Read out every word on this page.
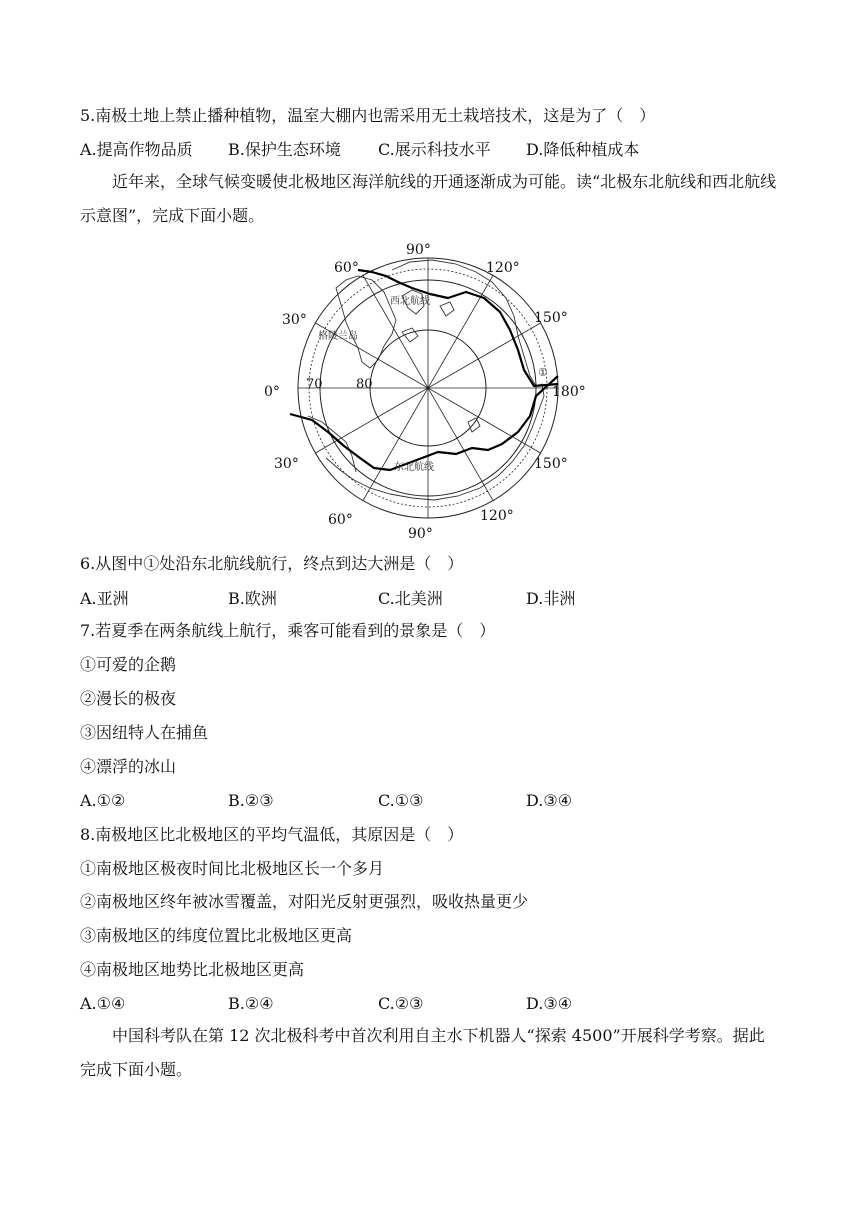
5.南极土地上禁止播种植物，温室大棚内也需采用无土栽培技术，这是为了（　）
A.提高作物品质 B.保护生态环境 C.展示科技水平 D.降低种植成本
近年来，全球气候变暖使北极地区海洋航线的开通逐渐成为可能。读“北极东北航线和西北航线示意图”，完成下面小题。
90°
120°
150°
180°
150°
120°
90°
60°
30°
0°
30°
60°
70	80
格陵兰岛
西北航线
东北航线
①
6.从图中①处沿东北航线航行，终点到达大洲是（　）
A.亚洲	B.欧洲	C.北美洲	D.非洲
7.若夏季在两条航线上航行，乘客可能看到的景象是（　）
①可爱的企鹅
②漫长的极夜
③因纽特人在捕鱼
④漂浮的冰山
A.①②	B.②③	C.①③	D.③④
8.南极地区比北极地区的平均气温低，其原因是（　）
①南极地区极夜时间比北极地区长一个多月
②南极地区终年被冰雪覆盖，对阳光反射更强烈，吸收热量更少
③南极地区的纬度位置比北极地区更高
④南极地区地势比北极地区更高
A.①④	B.②④	C.②③	D.③④
中国科考队在第 12 次北极科考中首次利用自主水下机器人“探索 4500”开展科学考察。据此完成下面小题。
